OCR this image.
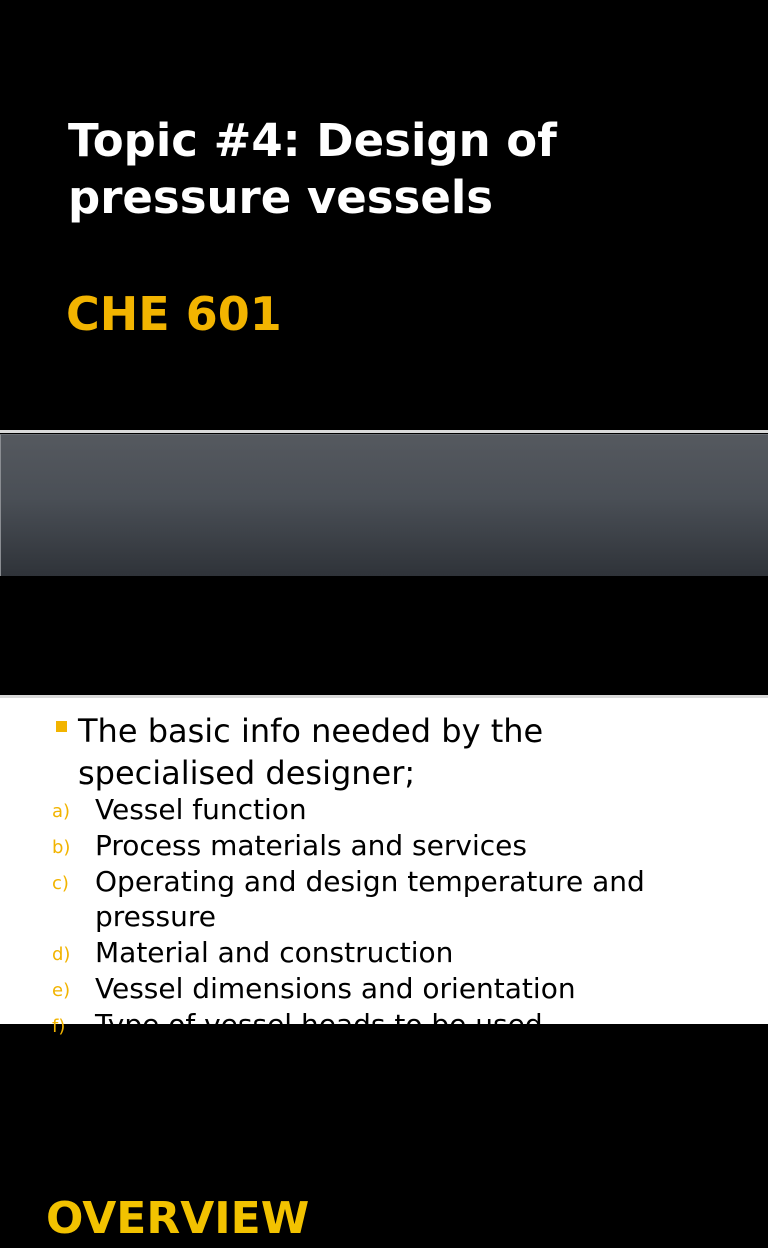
Topic #4: Design of pressure vessels
CHE 601
OVERVIEW

The basic info needed by the specialised designer;

a) Vessel function
b) Process materials and services
c) Operating and design temperature and pressure
d) Material and construction
e) Vessel dimensions and orientation
f) Type of vessel heads to be used
